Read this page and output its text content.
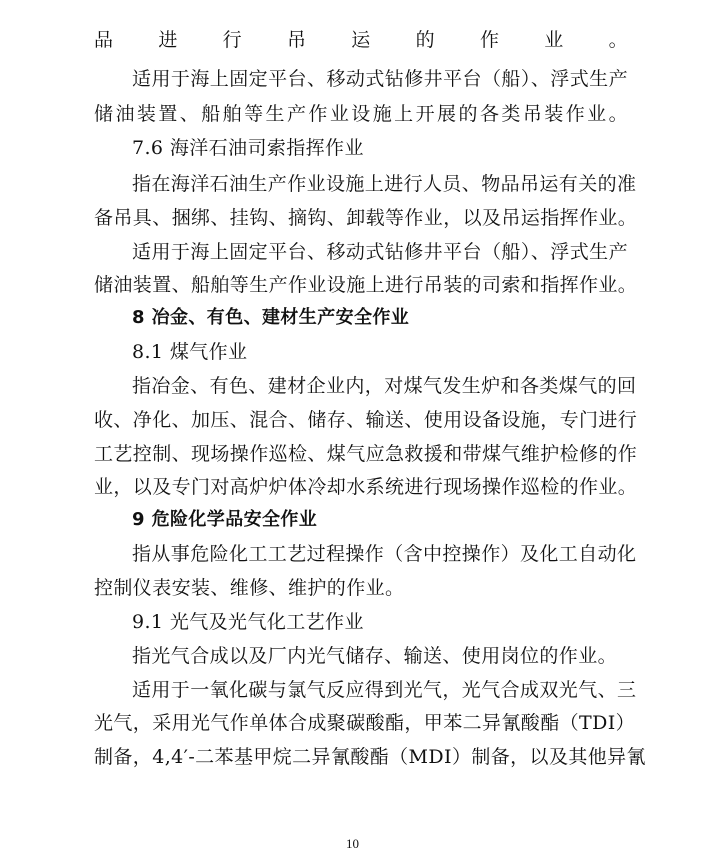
品进行吊运的作业。
适用于海上固定平台、移动式钻修井平台（船）、浮式生产
储油装置、船舶等生产作业设施上开展的各类吊装作业。
7.6 海洋石油司索指挥作业
指在海洋石油生产作业设施上进行人员、物品吊运有关的准
备吊具、捆绑、挂钩、摘钩、卸载等作业，以及吊运指挥作业。
适用于海上固定平台、移动式钻修井平台（船）、浮式生产
储油装置、船舶等生产作业设施上进行吊装的司索和指挥作业。
8 冶金、有色、建材生产安全作业
8.1 煤气作业
指冶金、有色、建材企业内，对煤气发生炉和各类煤气的回
收、净化、加压、混合、储存、输送、使用设备设施，专门进行
工艺控制、现场操作巡检、煤气应急救援和带煤气维护检修的作
业，以及专门对高炉炉体冷却水系统进行现场操作巡检的作业。
9 危险化学品安全作业
指从事危险化工工艺过程操作（含中控操作）及化工自动化
控制仪表安装、维修、维护的作业。
9.1 光气及光气化工艺作业
指光气合成以及厂内光气储存、输送、使用岗位的作业。
适用于一氧化碳与氯气反应得到光气，光气合成双光气、三
光气，采用光气作单体合成聚碳酸酯，甲苯二异氰酸酯（TDI）
制备，4,4′-二苯基甲烷二异氰酸酯（MDI）制备，以及其他异氰
10
